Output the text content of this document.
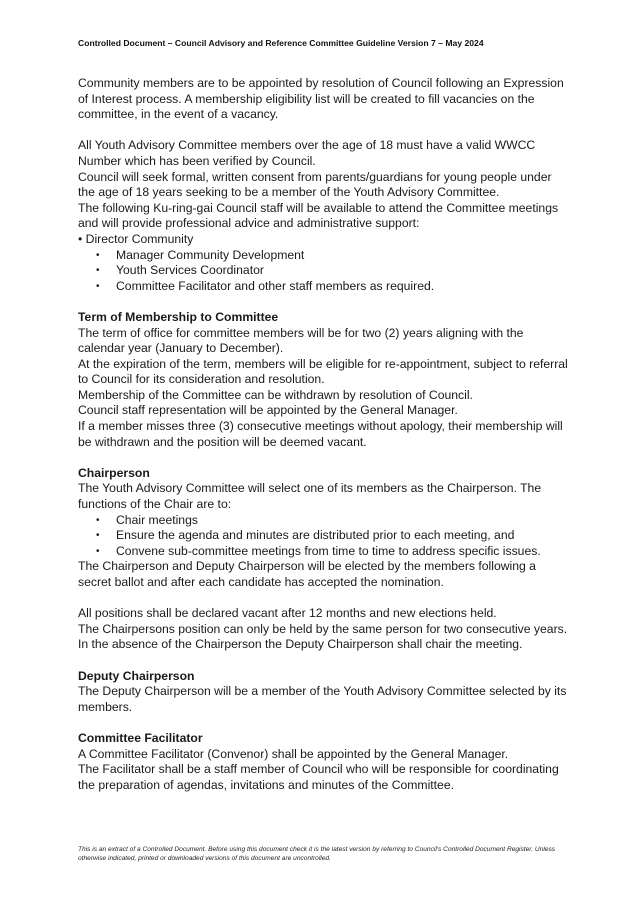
Controlled Document – Council Advisory and Reference Committee Guideline Version 7 – May 2024

Community members are to be appointed by resolution of Council following an Expression of Interest process. A membership eligibility list will be created to fill vacancies on the committee, in the event of a vacancy.

All Youth Advisory Committee members over the age of 18 must have a valid WWCC Number which has been verified by Council.

Council will seek formal, written consent from parents/guardians for young people under the age of 18 years seeking to be a member of the Youth Advisory Committee.

The following Ku-ring-gai Council staff will be available to attend the Committee meetings and will provide professional advice and administrative support:

• Director Community

• Manager Community Development
• Youth Services Coordinator
• Committee Facilitator and other staff members as required.

Term of Membership to Committee

The term of office for committee members will be for two (2) years aligning with the calendar year (January to December).

At the expiration of the term, members will be eligible for re-appointment, subject to referral to Council for its consideration and resolution.

Membership of the Committee can be withdrawn by resolution of Council.

Council staff representation will be appointed by the General Manager.

If a member misses three (3) consecutive meetings without apology, their membership will be withdrawn and the position will be deemed vacant.

Chairperson

The Youth Advisory Committee will select one of its members as the Chairperson. The functions of the Chair are to:

• Chair meetings
• Ensure the agenda and minutes are distributed prior to each meeting, and
• Convene sub-committee meetings from time to time to address specific issues.

The Chairperson and Deputy Chairperson will be elected by the members following a secret ballot and after each candidate has accepted the nomination.

All positions shall be declared vacant after 12 months and new elections held.

The Chairpersons position can only be held by the same person for two consecutive years.

In the absence of the Chairperson the Deputy Chairperson shall chair the meeting.

Deputy Chairperson

The Deputy Chairperson will be a member of the Youth Advisory Committee selected by its members.

Committee Facilitator

A Committee Facilitator (Convenor) shall be appointed by the General Manager.

The Facilitator shall be a staff member of Council who will be responsible for coordinating the preparation of agendas, invitations and minutes of the Committee.

This is an extract of a Controlled Document. Before using this document check it is the latest version by referring to Council's Controlled Document Register. Unless otherwise indicated, printed or downloaded versions of this document are uncontrolled.
